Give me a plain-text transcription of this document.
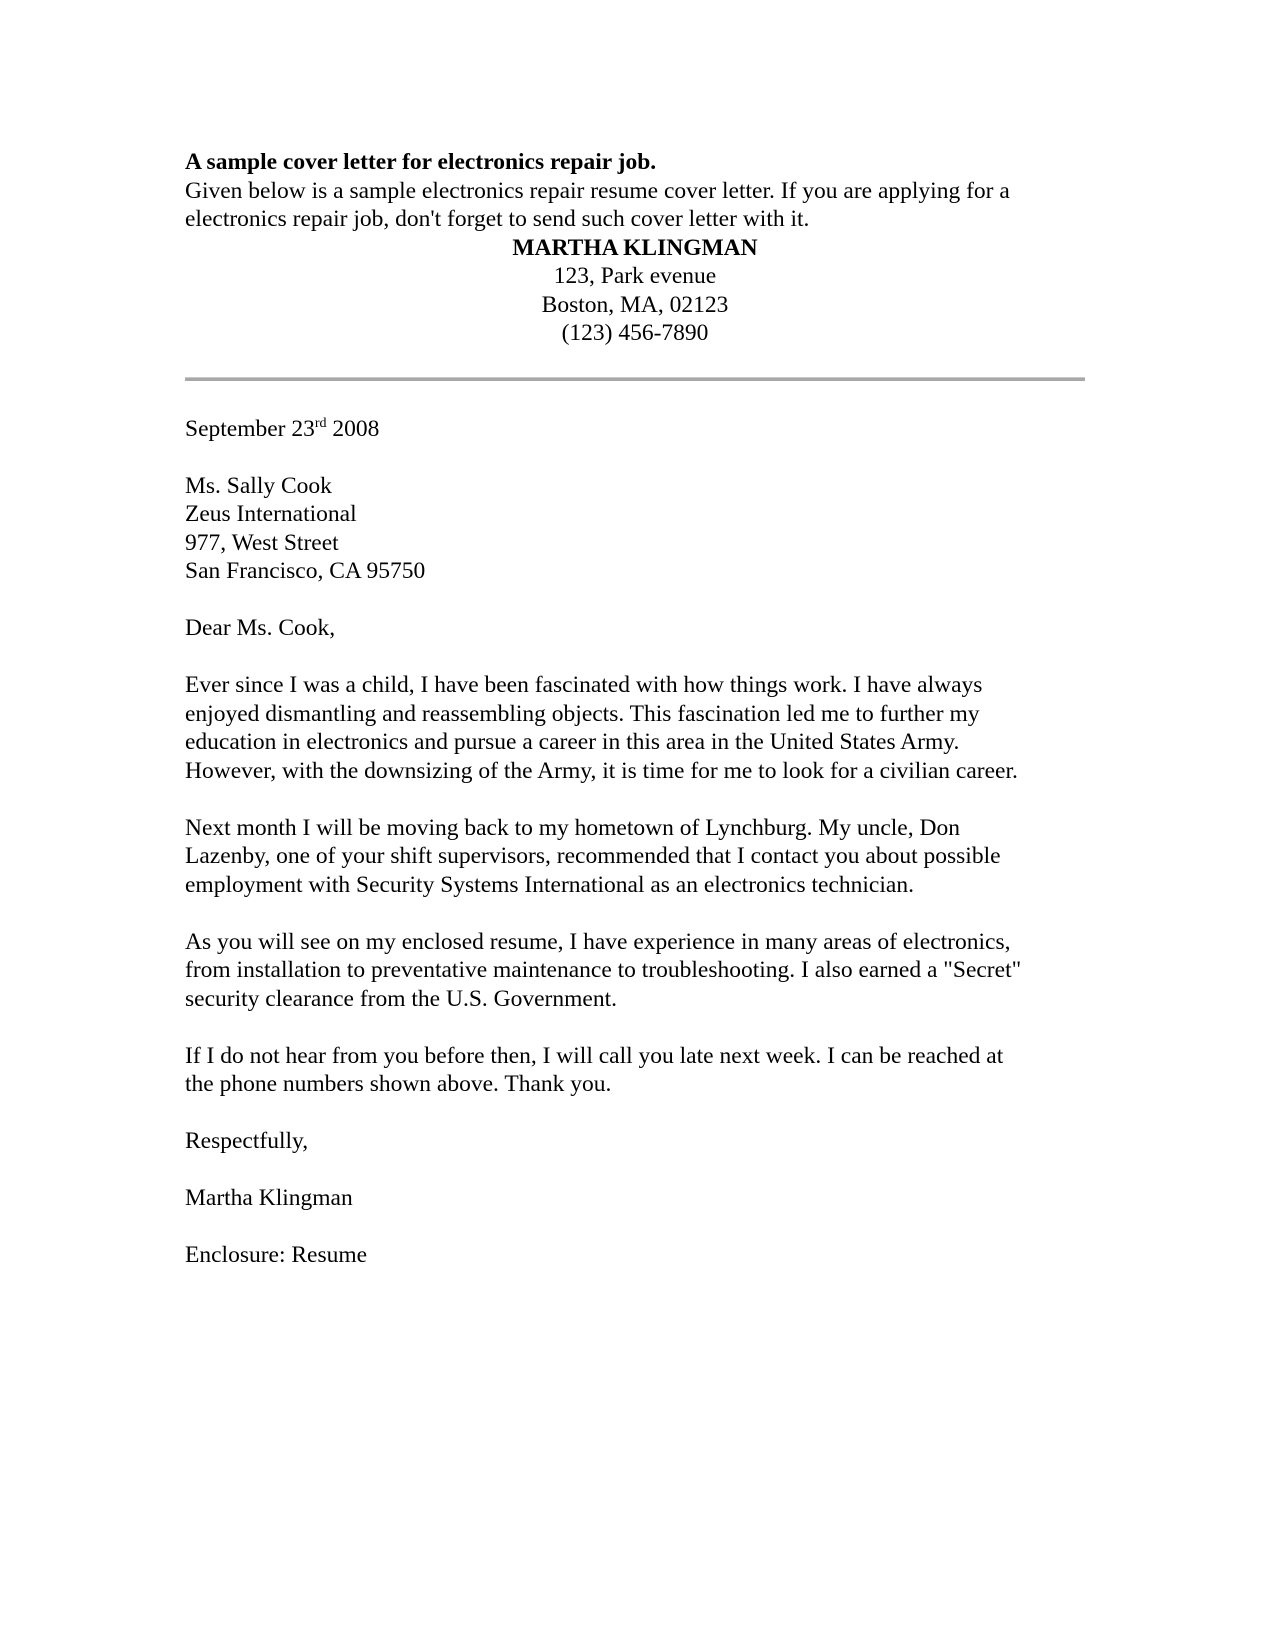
A sample cover letter for electronics repair job.
Given below is a sample electronics repair resume cover letter. If you are applying for a
electronics repair job, don't forget to send such cover letter with it.
MARTHA KLINGMAN
123, Park evenue
Boston, MA, 02123
(123) 456-7890
September 23rd 2008
Ms. Sally Cook
Zeus International
977, West Street
San Francisco, CA 95750
Dear Ms. Cook,
Ever since I was a child, I have been fascinated with how things work. I have always
enjoyed dismantling and reassembling objects. This fascination led me to further my
education in electronics and pursue a career in this area in the United States Army.
However, with the downsizing of the Army, it is time for me to look for a civilian career.
Next month I will be moving back to my hometown of Lynchburg. My uncle, Don
Lazenby, one of your shift supervisors, recommended that I contact you about possible
employment with Security Systems International as an electronics technician.
As you will see on my enclosed resume, I have experience in many areas of electronics,
from installation to preventative maintenance to troubleshooting. I also earned a "Secret"
security clearance from the U.S. Government.
If I do not hear from you before then, I will call you late next week. I can be reached at
the phone numbers shown above. Thank you.
Respectfully,
Martha Klingman
Enclosure: Resume
